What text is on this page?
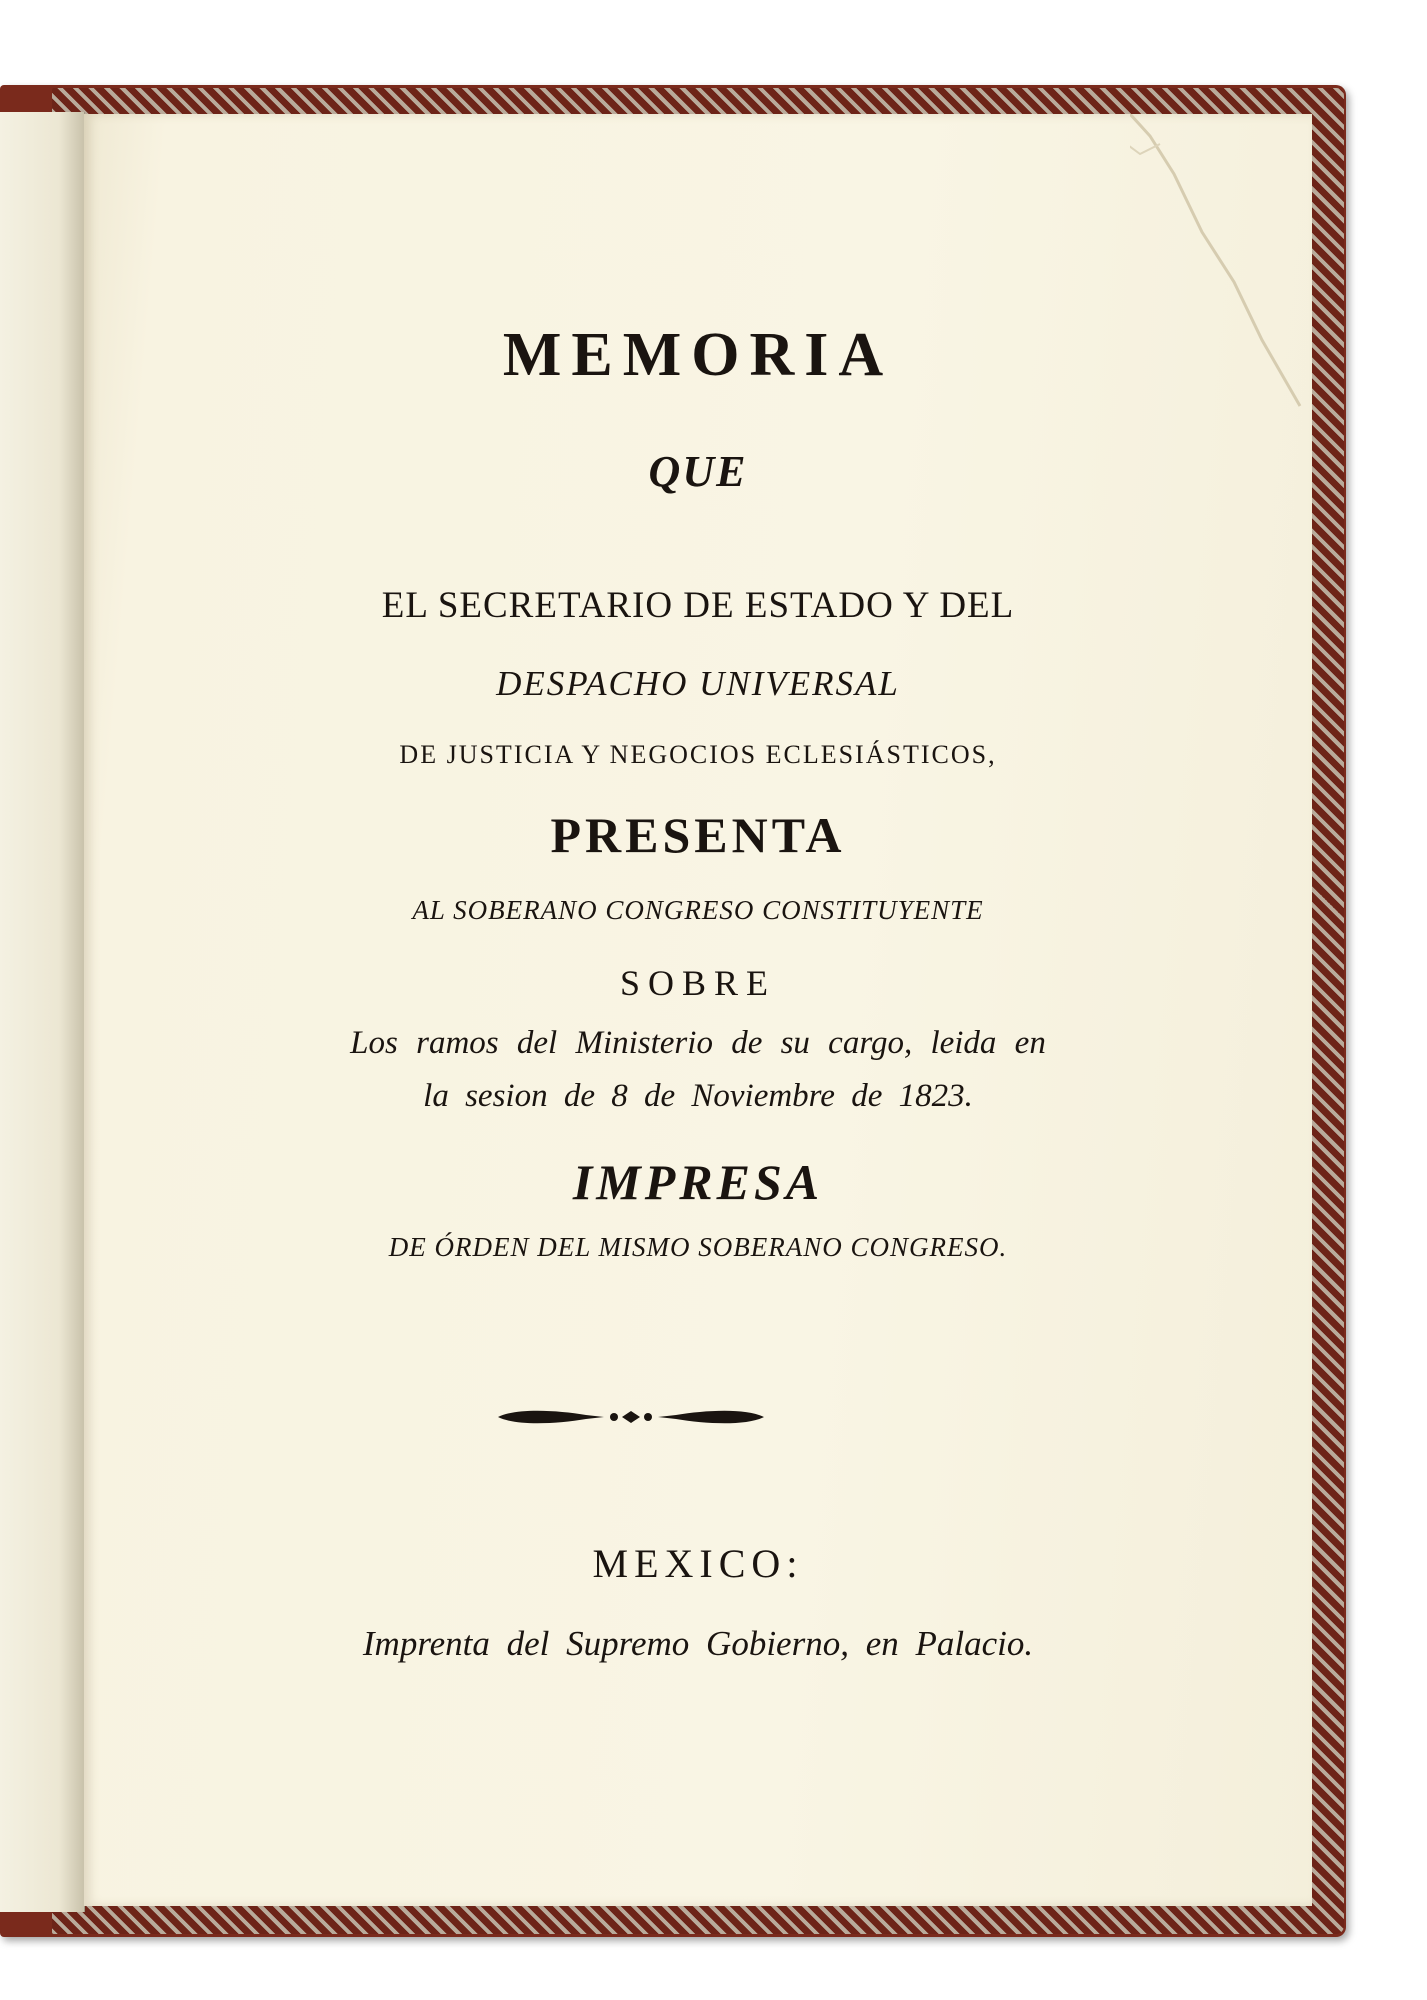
MEMORIA
QUE
EL SECRETARIO DE ESTADO Y DEL
DESPACHO UNIVERSAL
DE JUSTICIA Y NEGOCIOS ECLESIÁSTICOS,
PRESENTA
AL SOBERANO CONGRESO CONSTITUYENTE
SOBRE
Los ramos del Ministerio de su cargo, leida en
la sesion de 8 de Noviembre de 1823.
IMPRESA
DE ÓRDEN DEL MISMO SOBERANO CONGRESO.
MEXICO:
Imprenta del Supremo Gobierno, en Palacio.
